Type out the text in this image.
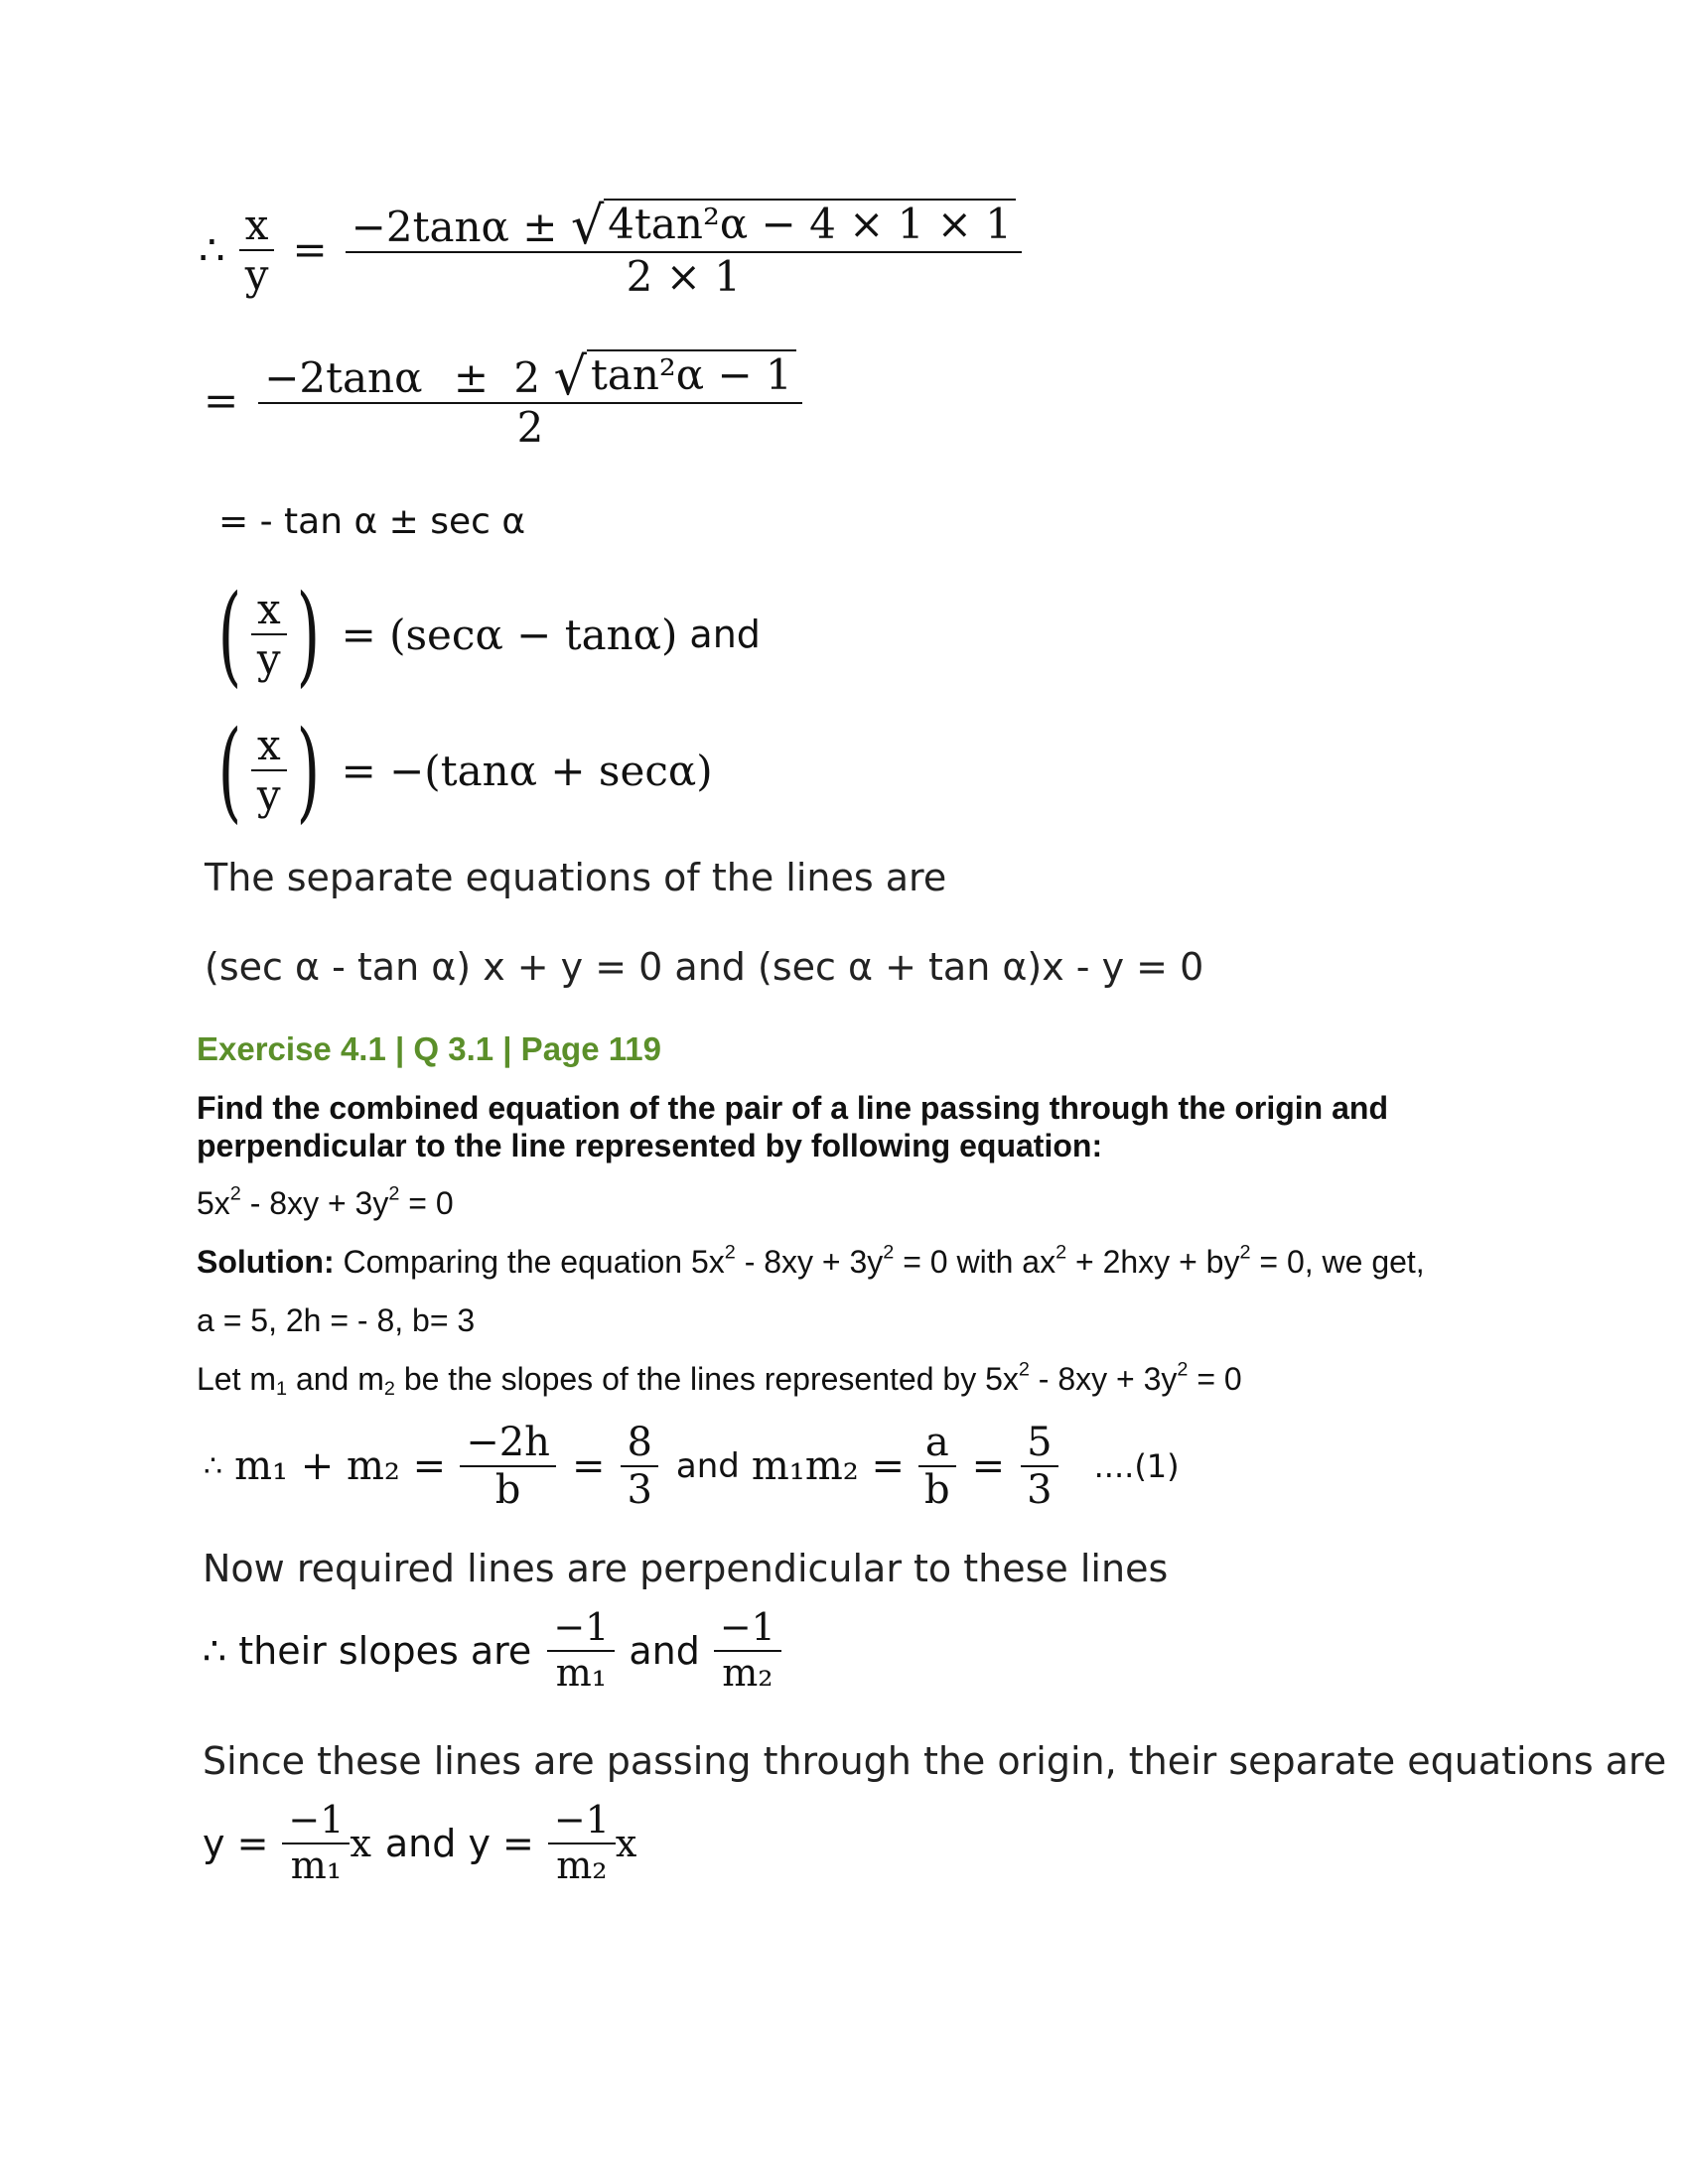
∴ $\frac{x}{y} = \frac{\text{−2tanα ± √ 4tan²α − 4 × 1 × 1}}{2 \times 1}$
= −2tanα ± 2 √ tan²α − 1
2
= - tan α ± sec α
( $\frac{x}{y}$ ) = (secα − tanα) and
( $\frac{x}{y}$ ) = −(tanα + secα)
The separate equations of the lines are
(sec α - tan α) x + y = 0 and (sec α + tan α)x - y = 0
Exercise 4.1 | Q 3.1 | Page 119
Find the combined equation of the pair of a line passing through the origin and
perpendicular to the line represented by following equation:
$5x^2 - 8xy + 3y^2 = 0$
Solution: Comparing the equation $5x^2 - 8xy + 3y^2 = 0$ with $ax^2 + 2hxy + by^2 = 0$, we get,
a = 5, 2h = - 8, b= 3
Let $m_1$ and $m_2$ be the slopes of the lines represented by $5x^2 - 8xy + 3y^2 = 0$
∴ $m_1 + m_2 = \frac{-2h}{b} = \frac{8}{3}$ and $m_1m_2 = \frac{a}{b} = \frac{5}{3} ....(1)$
Now required lines are perpendicular to these lines
∴ their slopes are $\frac{-1}{\text{m₁}}$ and $\frac{-1}{\text{m₂}}$
Since these lines are passing through the origin, their separate equations are
$y = \frac{-1}{\text{m₁}}$ x and $y = \frac{-1}{\text{m₂}}$ x
